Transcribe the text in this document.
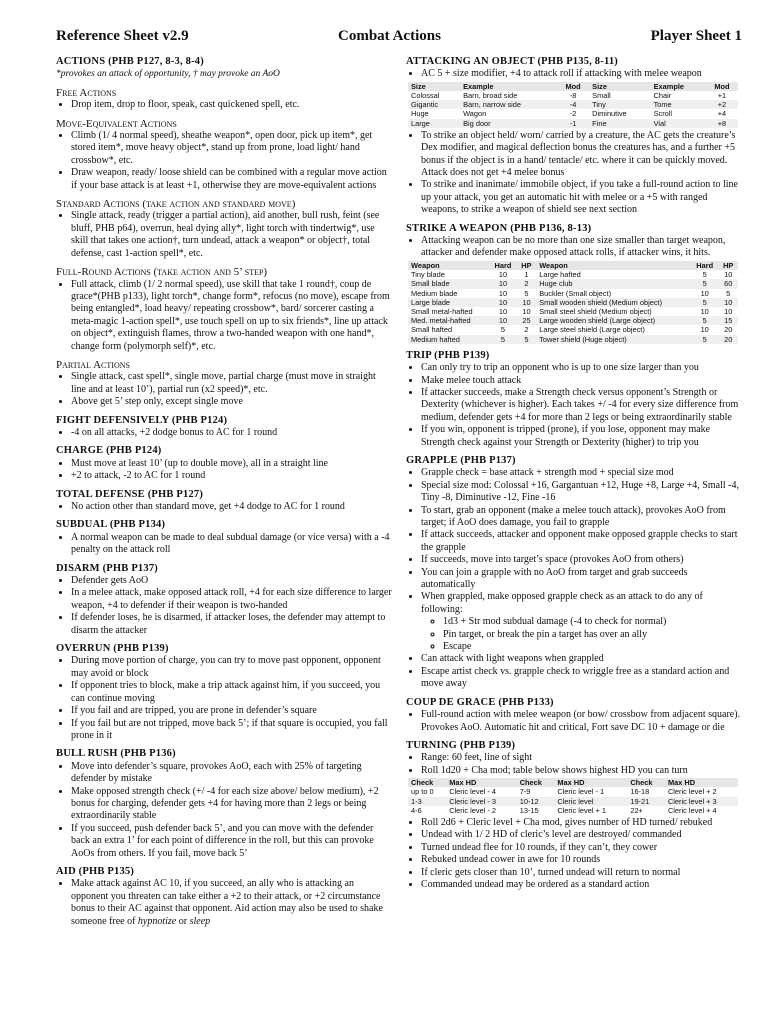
Reference Sheet v2.9	Combat Actions	Player Sheet 1
ACTIONS (PHB P127, 8-3, 8-4)
*provokes an attack of opportunity, † may provoke an AoO
Free Actions
• Drop item, drop to floor, speak, cast quickened spell, etc.
Move-Equivalent Actions
• Climb (1/ 4 normal speed), sheathe weapon*, open door, pick up item*, get stored item*, move heavy object*, stand up from prone, load light/ hand crossbow*, etc.
• Draw weapon, ready/ loose shield can be combined with a regular move action if your base attack is at least +1, otherwise they are move-equivalent actions
Standard Actions (take action and standard move)
• Single attack, ready (trigger a partial action), aid another, bull rush, feint (see bluff, PHB p64), overrun, heal dying ally*, light torch with tindertwig*, use skill that takes one action†, turn undead, attack a weapon* or object†, total defense, cast 1-action spell*, etc.
Full-Round Actions (take action and 5’ step)
• Full attack, climb (1/ 2 normal speed), use skill that take 1 round†, coup de grace*(PHB p133), light torch*, change form*, refocus (no move), escape from being entangled*, load heavy/ repeating crossbow*, bard/ sorcerer casting a meta-magic 1-action spell*, use touch spell on up to six friends*, line up attack on object*, extinguish flames, throw a two-handed weapon with one hand*, change form (polymorph self)*, etc.
Partial Actions
• Single attack, cast spell*, single move, partial charge (must move in straight line and at least 10’), partial run (x2 speed)*, etc.
• Above get 5’ step only, except single move
FIGHT DEFENSIVELY (PHB P124)
• -4 on all attacks, +2 dodge bonus to AC for 1 round
CHARGE (PHB P124)
• Must move at least 10’ (up to double move), all in a straight line
• +2 to attack, -2 to AC for 1 round
TOTAL DEFENSE (PHB P127)
• No action other than standard move, get +4 dodge to AC for 1 round
SUBDUAL (PHB P134)
• A normal weapon can be made to deal subdual damage (or vice versa) with a -4 penalty on the attack roll
DISARM (PHB P137)
• Defender gets AoO
• In a melee attack, make opposed attack roll, +4 for each size difference to larger weapon, +4 to defender if their weapon is two-handed
• If defender loses, he is disarmed, if attacker loses, the defender may attempt to disarm the attacker
OVERRUN (PHB P139)
• During move portion of charge, you can try to move past opponent, opponent may avoid or block
• If opponent tries to block, make a trip attack against him, if you succeed, you can continue moving
• If you fail and are tripped, you are prone in defender’s square
• If you fail but are not tripped, move back 5’; if that square is occupied, you fall prone in it
BULL RUSH (PHB P136)
• Move into defender’s square, provokes AoO, each with 25% of targeting defender by mistake
• Make opposed strength check (+/ -4 for each size above/ below medium), +2 bonus for charging, defender gets +4 for having more than 2 legs or being extraordinarily stable
• If you succeed, push defender back 5’, and you can move with the defender back an extra 1’ for each point of difference in the roll, but this can provoke AoOs from others. If you fail, move back 5’
AID (PHB P135)
• Make attack against AC 10, if you succeed, an ally who is attacking an opponent you threaten can take either a +2 to their attack, or +2 circumstance bonus to their AC against that opponent. Aid action may also be used to shake someone free of hypnotize or sleep
ATTACKING AN OBJECT (PHB P135, 8-11)
• AC 5 + size modifier, +4 to attack roll if attacking with melee weapon
Size	Example	Mod	Size	Example	Mod
Colossal	Barn, broad side	-8	Small	Chair	+1
Gigantic	Barn, narrow side	-4	Tiny	Tome	+2
Huge	Wagon	-2	Diminutive	Scroll	+4
Large	Big door	-1	Fine	Vial	+8
• To strike an object held/ worn/ carried by a creature, the AC gets the creature’s Dex modifier, and magical deflection bonus the creatures has, and a further +5 bonus if the object is in a hand/ tentacle/ etc. where it can be quickly moved. Attack does not get +4 melee bonus
• To strike and inanimate/ immobile object, if you take a full-round action to line up your attack, you get an automatic hit with melee or a +5 with ranged weapons, to strike a weapon of shield see next section
STRIKE A WEAPON (PHB P136, 8-13)
• Attacking weapon can be no more than one size smaller than target weapon, attacker and defender make opposed attack rolls, if attacker wins, it hits.
Weapon	Hard	HP	Weapon	Hard	HP
Tiny blade	10	1	Large hafted	5	10
Small blade	10	2	Huge club	5	60
Medium blade	10	5	Buckler (Small object)	10	5
Large blade	10	10	Small wooden shield (Medium object)	5	10
Small metal-hafted	10	10	Small steel shield (Medium object)	10	10
Med. metal-hafted	10	25	Large wooden shield (Large object)	5	15
Small hafted	5	2	Large steel shield (Large object)	10	20
Medium hafted	5	5	Tower shield (Huge object)	5	20
TRIP (PHB P139)
• Can only try to trip an opponent who is up to one size larger than you
• Make melee touch attack
• If attacker succeeds, make a Strength check versus opponent’s Strength or Dexterity (whichever is higher). Each takes +/ -4 for every size difference from medium, defender gets +4 for more than 2 legs or being extraordinarily stable
• If you win, opponent is tripped (prone), if you lose, opponent may make Strength check against your Strength or Dexterity (higher) to trip you
GRAPPLE (PHB P137)
• Grapple check = base attack + strength mod + special size mod
• Special size mod: Colossal +16, Gargantuan +12, Huge +8, Large +4, Small -4, Tiny -8, Diminutive -12, Fine -16
• To start, grab an opponent (make a melee touch attack), provokes AoO from target; if AoO does damage, you fail to grapple
• If attack succeeds, attacker and opponent make opposed grapple checks to start the grapple
• If succeeds, move into target’s space (provokes AoO from others)
• You can join a grapple with no AoO from target and grab succeeds automatically
• When grappled, make opposed grapple check as an attack to do any of following:
◦ 1d3 + Str mod subdual damage (-4 to check for normal)
◦ Pin target, or break the pin a target has over an ally
◦ Escape
• Can attack with light weapons when grappled
• Escape artist check vs. grapple check to wriggle free as a standard action and move away
COUP DE GRACE (PHB P133)
• Full-round action with melee weapon (or bow/ crossbow from adjacent square). Provokes AoO. Automatic hit and critical, Fort save DC 10 + damage or die
TURNING (PHB P139)
• Range: 60 feet, line of sight
• Roll 1d20 + Cha mod; table below shows highest HD you can turn
Check	Max HD	Check	Max HD	Check	Max HD
up to 0	Cleric level - 4	7-9	Cleric level - 1	16-18	Cleric level + 2
1-3	Cleric level - 3	10-12	Cleric level	19-21	Cleric level + 3
4-6	Cleric level - 2	13-15	Cleric level + 1	22+	Cleric level + 4
• Roll 2d6 + Cleric level + Cha mod, gives number of HD turned/ rebuked
• Undead with 1/ 2 HD of cleric’s level are destroyed/ commanded
• Turned undead flee for 10 rounds, if they can’t, they cower
• Rebuked undead cower in awe for 10 rounds
• If cleric gets closer than 10’, turned undead will return to normal
• Commanded undead may be ordered as a standard action
